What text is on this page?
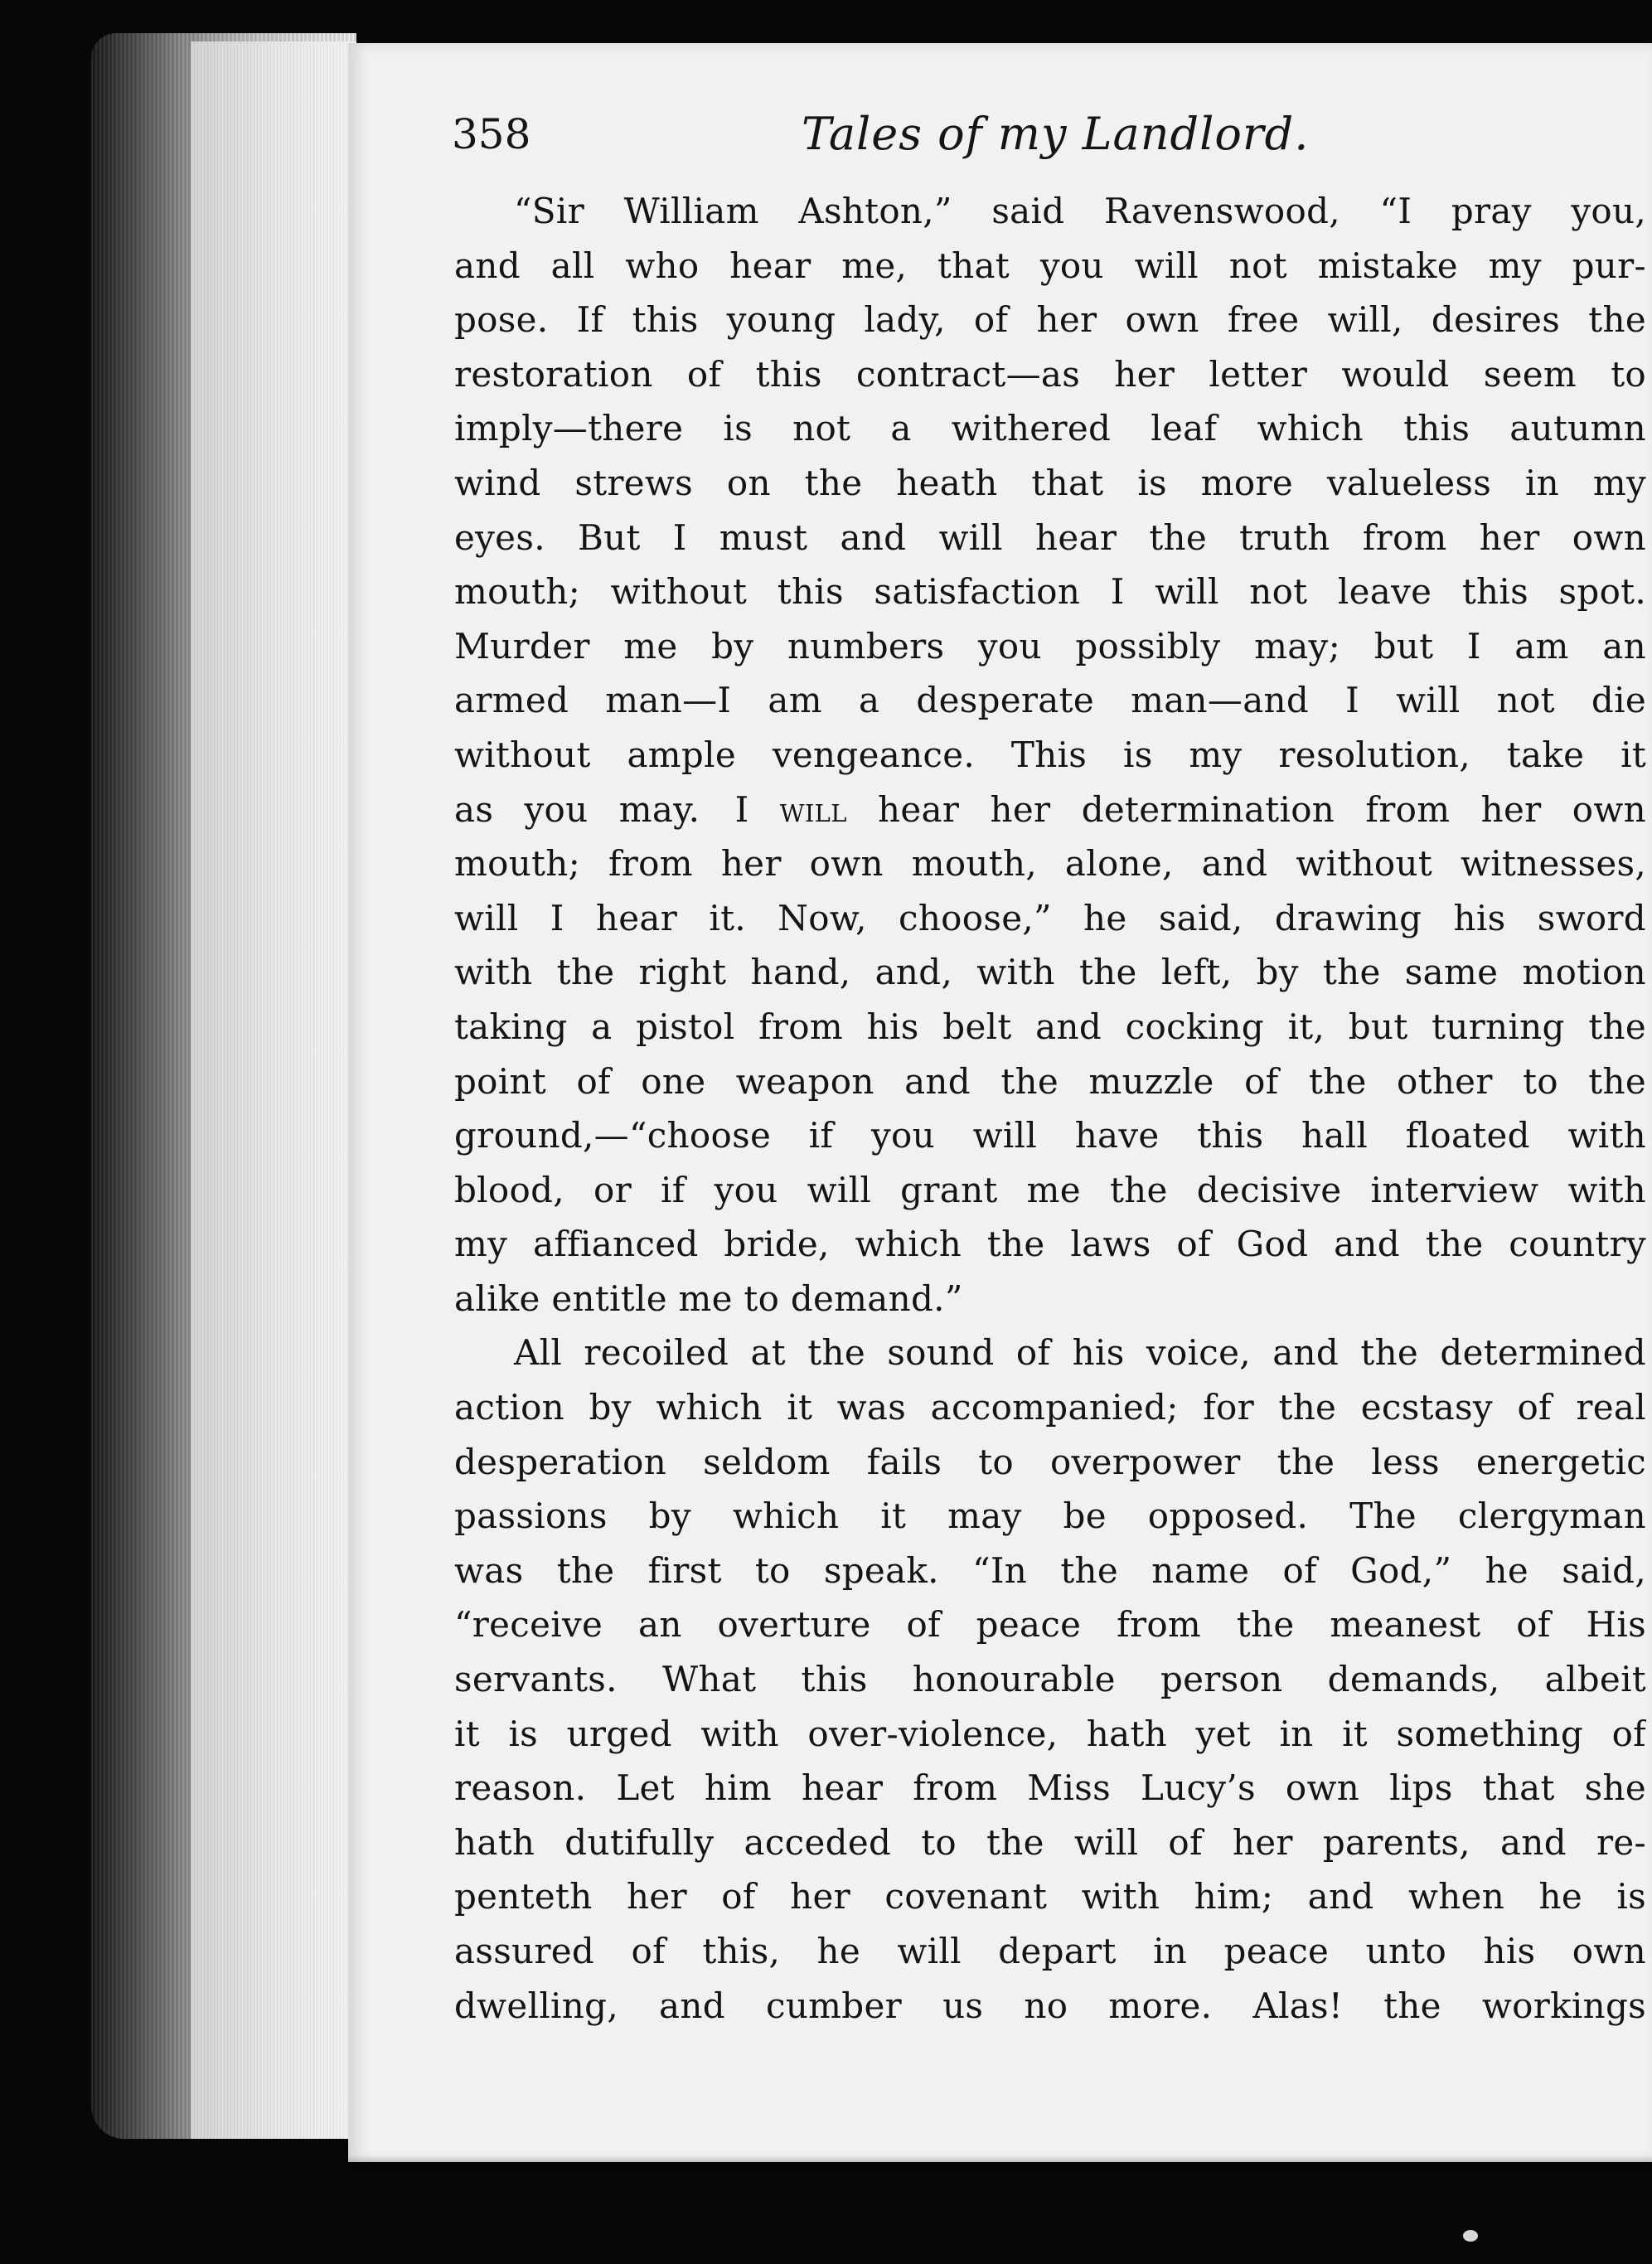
358	Tales of my Landlord.
“Sir William Ashton,” said Ravenswood, “I pray you,
and all who hear me, that you will not mistake my pur-
pose. If this young lady, of her own free will, desires the
restoration of this contract—as her letter would seem to
imply—there is not a withered leaf which this autumn
wind strews on the heath that is more valueless in my
eyes. But I must and will hear the truth from her own
mouth; without this satisfaction I will not leave this spot.
Murder me by numbers you possibly may; but I am an
armed man—I am a desperate man—and I will not die
without ample vengeance. This is my resolution, take it
as you may.  I will hear her determination from her own
mouth; from her own mouth, alone, and without witnesses,
will I hear it. Now, choose,” he said, drawing his sword
with the right hand, and, with the left, by the same motion
taking a pistol from his belt and cocking it, but turning the
point of one weapon and the muzzle of the other to the
ground,—“choose if you will have this hall floated with
blood, or if you will grant me the decisive interview with
my affianced bride, which the laws of God and the country
alike entitle me to demand.”
All recoiled at the sound of his voice, and the determined
action by which it was accompanied; for the ecstasy of real
desperation seldom fails to overpower the less energetic
passions by which it may be opposed. The clergyman
was the first to speak. “In the name of God,” he said,
“receive an overture of peace from the meanest of His
servants. What this honourable person demands, albeit
it is urged with over-violence, hath yet in it something of
reason. Let him hear from Miss Lucy’s own lips that she
hath dutifully acceded to the will of her parents, and re-
penteth her of her covenant with him; and when he is
assured of this, he will depart in peace unto his own
dwelling, and cumber us no more. Alas! the workings
